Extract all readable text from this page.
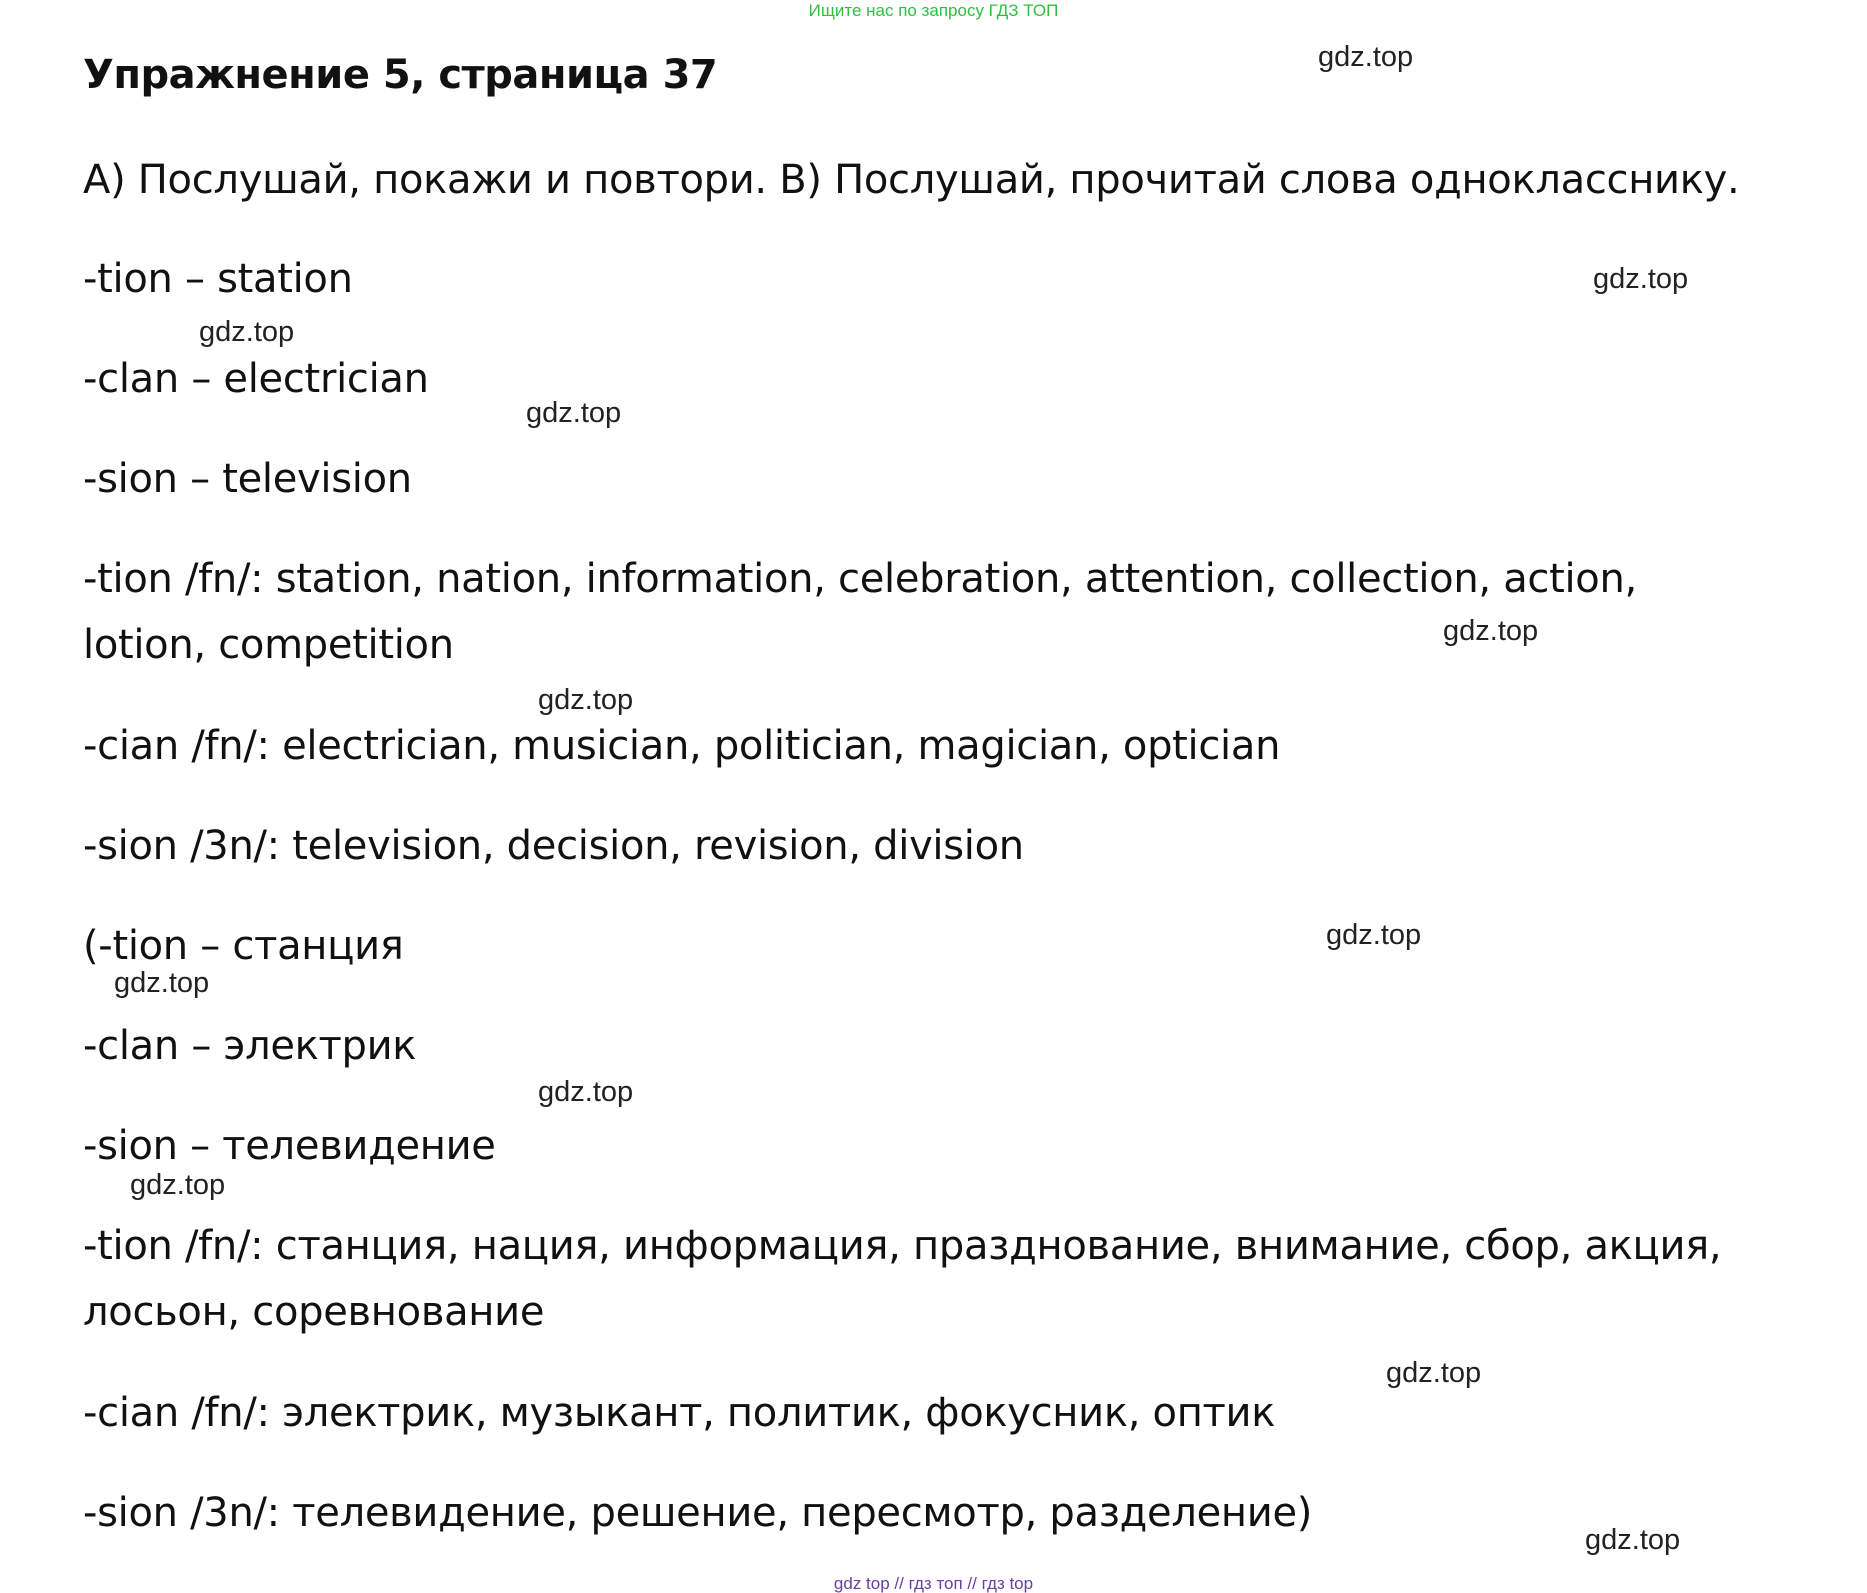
Ищите нас по запросу ГДЗ ТОП
Упражнение 5, страница 37
A) Послушай, покажи и повтори. B) Послушай, прочитай слова однокласснику.
-tion – station
-clan – electrician
-sion – television
-tion /fn/: station, nation, information, celebration, attention, collection, action,
lotion, competition
-cian /fn/: electrician, musician, politician, magician, optician
-sion /3n/: television, decision, revision, division
(-tion – станция
-clan – электрик
-sion – телевидение
-tion /fn/: станция, нация, информация, празднование, внимание, сбор, акция,
лосьон, соревнование
-cian /fn/: электрик, музыкант, политик, фокусник, оптик
-sion /3n/: телевидение, решение, пересмотр, разделение)
gdz.top
gdz.top
gdz.top
gdz.top
gdz.top
gdz.top
gdz.top
gdz.top
gdz.top
gdz.top
gdz.top
gdz.top
gdz top // гдз топ // гдз top
